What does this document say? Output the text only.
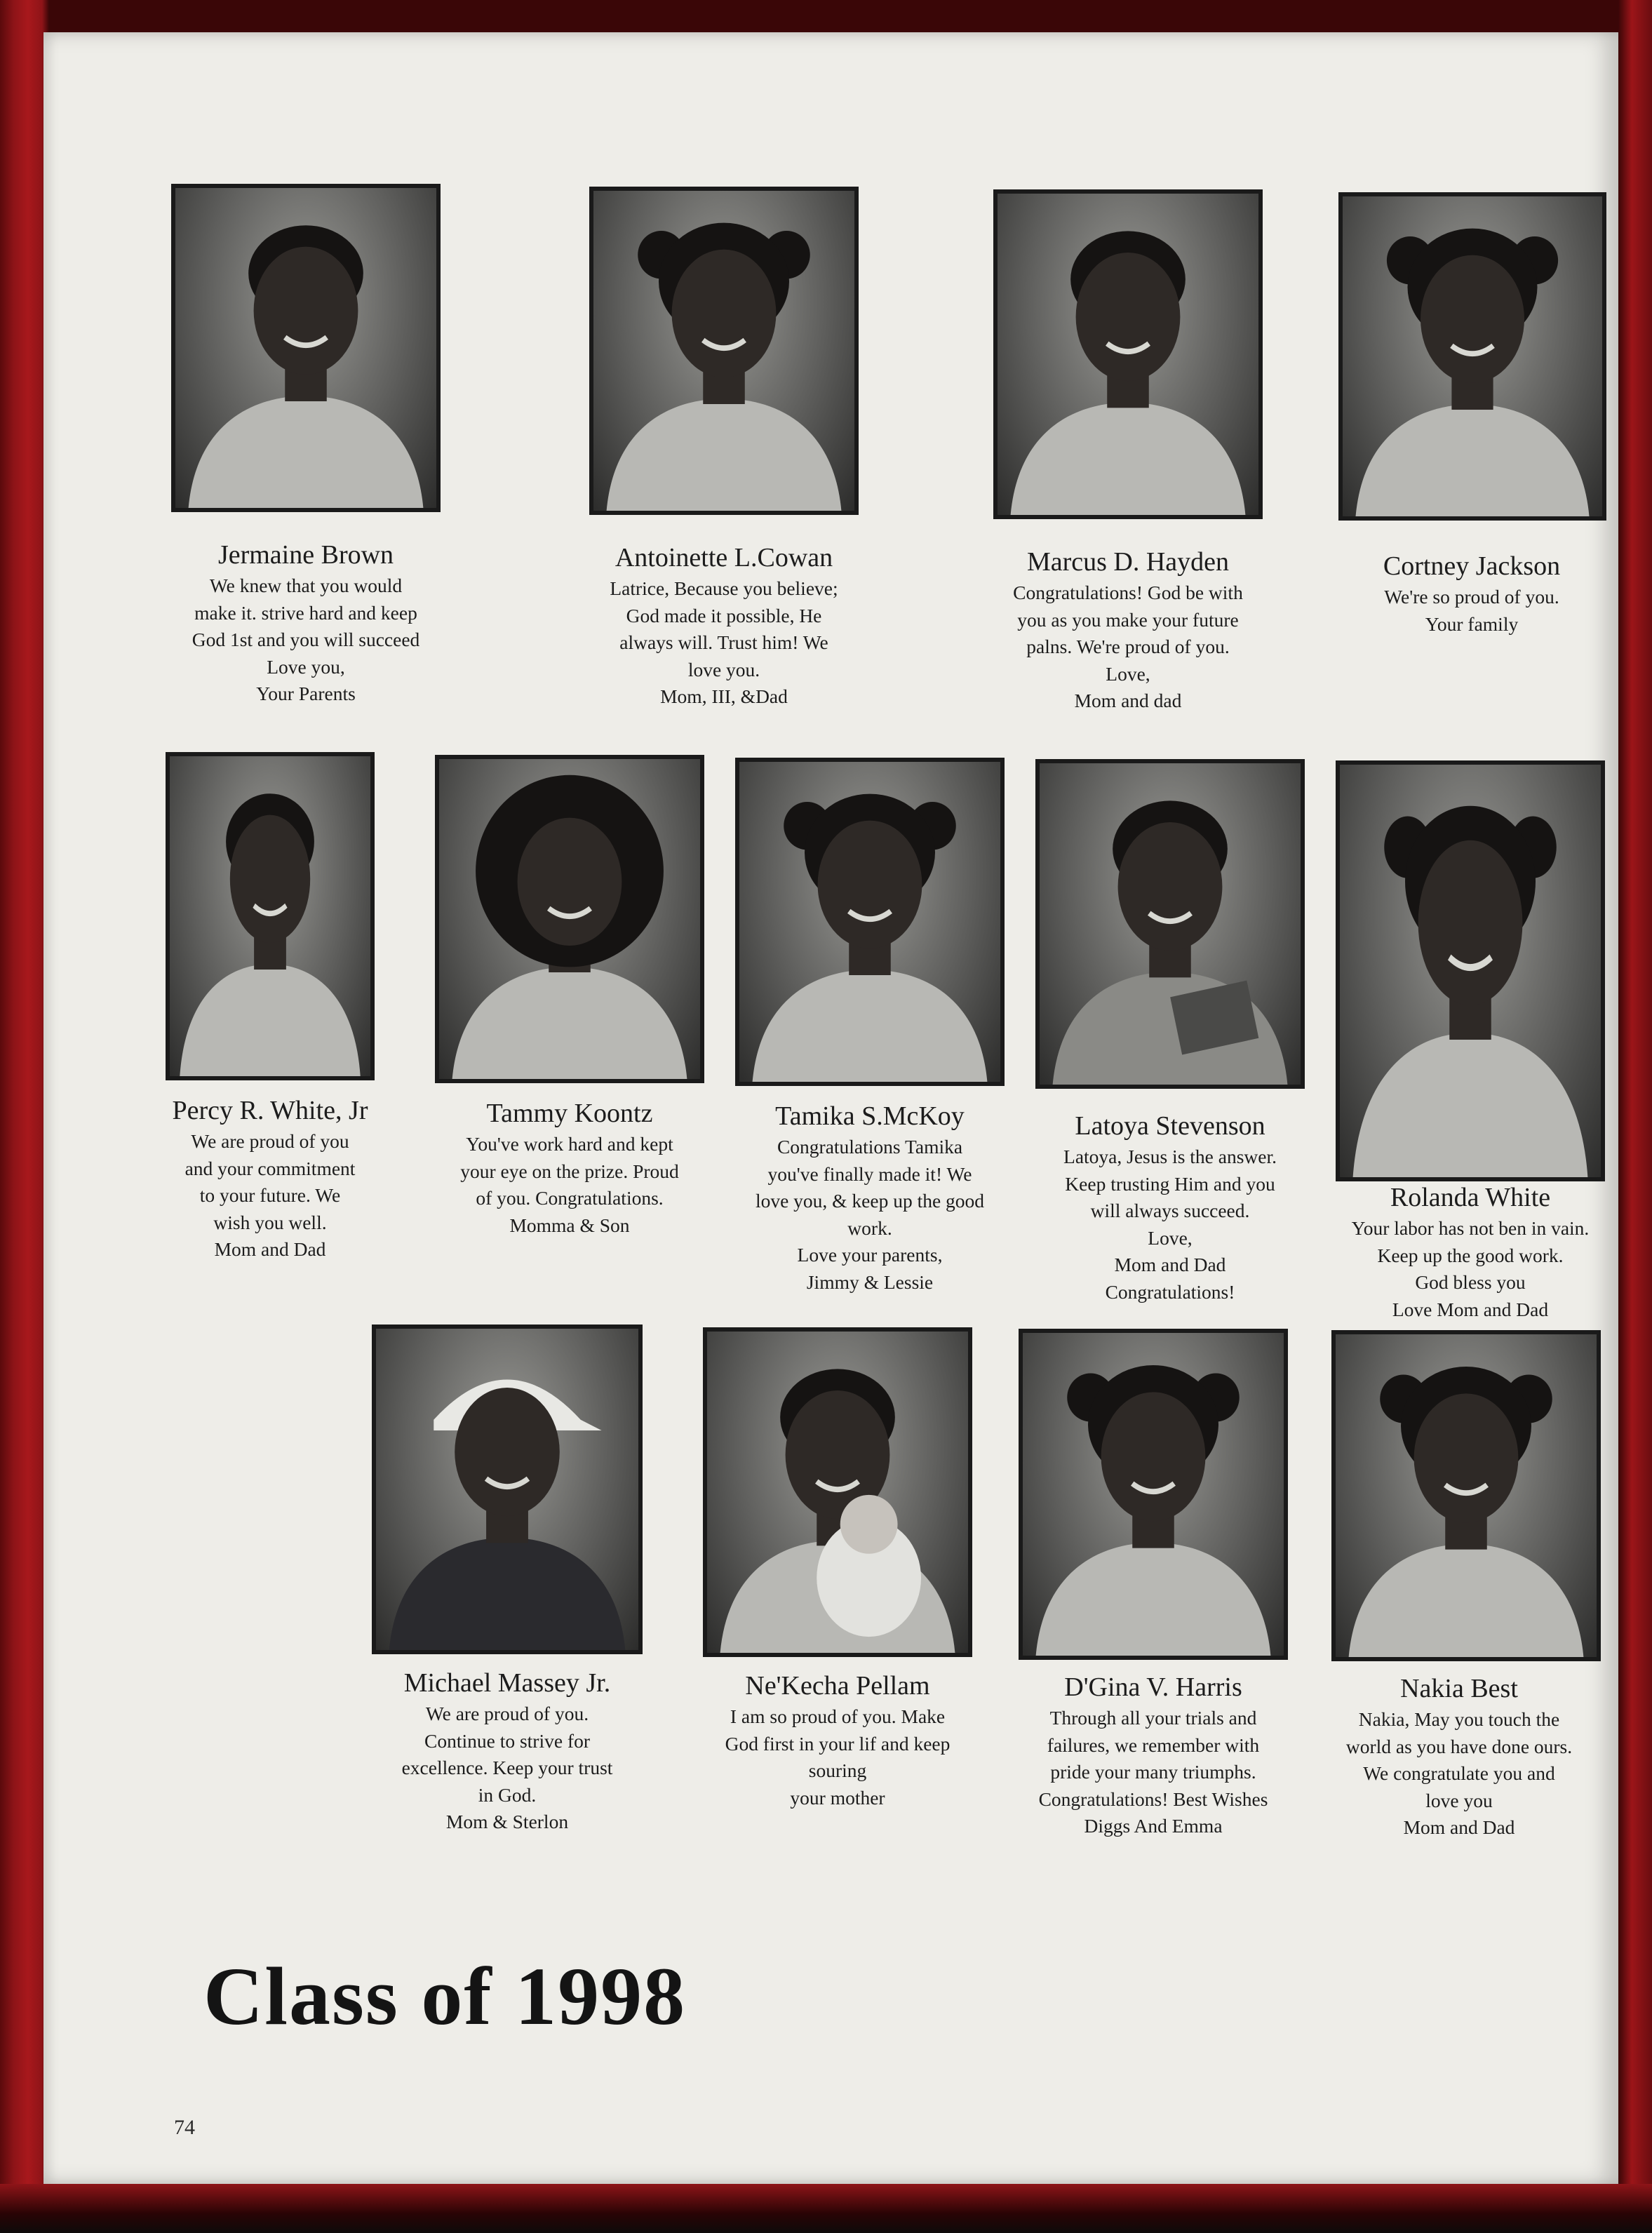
Jermaine Brown
We knew that you would
make it. strive hard and keep
God 1st and you will succeed
Love you,
Your Parents
Antoinette L.Cowan
Latrice, Because you believe;
God made it possible, He
always will. Trust him! We
love you.
Mom, III, &Dad
Marcus D. Hayden
Congratulations! God be with
you as you make your future
palns. We're proud of you.
Love,
Mom and dad
Cortney Jackson
We're so proud of you.
Your family
Percy R. White, Jr
We are proud of you
and your commitment
to your future. We
wish you well.
Mom and Dad
Tammy Koontz
You've work hard and kept
your eye on the prize. Proud
of you. Congratulations.
Momma & Son
Tamika S.McKoy
Congratulations Tamika
you've finally made it! We
love you, & keep up the good
work.
Love your parents,
Jimmy & Lessie
Latoya Stevenson
Latoya, Jesus is the answer.
Keep trusting Him and you
will always succeed.
Love,
Mom and Dad
Congratulations!
Rolanda White
Your labor has not ben in vain.
Keep up the good work.
God bless you
Love Mom and Dad
Michael Massey Jr.
We are proud of you.
Continue to strive for
excellence. Keep your trust
in God.
Mom & Sterlon
Ne'Kecha Pellam
I am so proud of you. Make
God first in your lif and keep
souring
your mother
D'Gina V. Harris
Through all your trials and
failures, we remember with
pride your many triumphs.
Congratulations! Best Wishes
Diggs And Emma
Nakia Best
Nakia, May you touch the
world as you have done ours.
We congratulate you and
love you
Mom and Dad
Class of 1998
74
